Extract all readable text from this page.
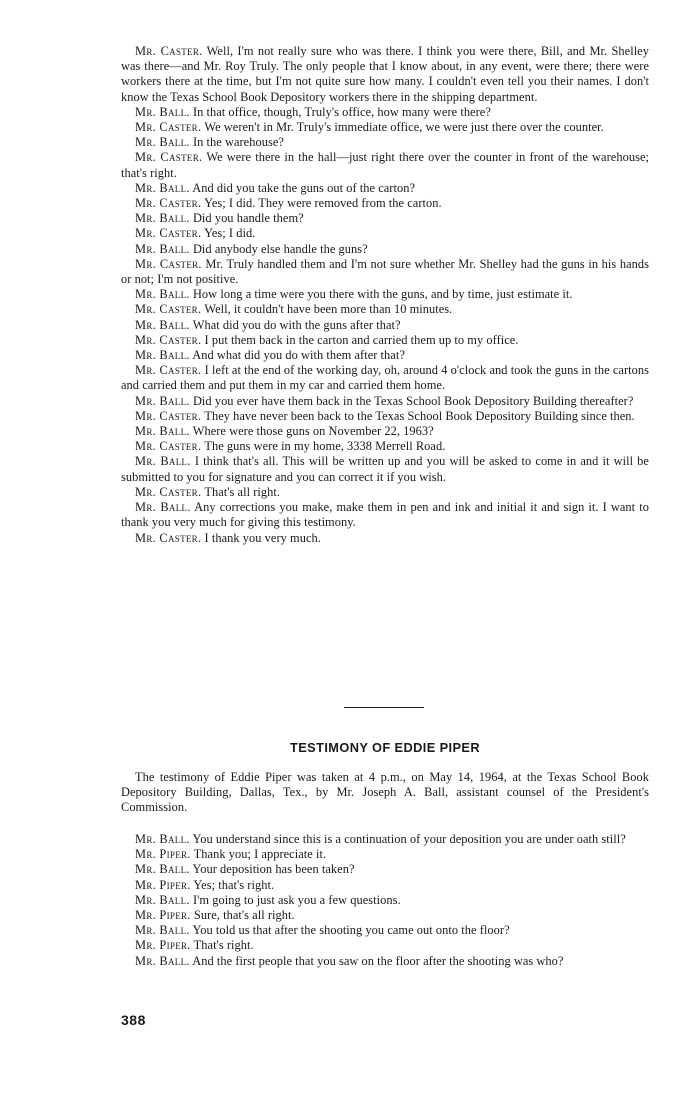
Mr. Caster. Well, I'm not really sure who was there. I think you were there, Bill, and Mr. Shelley was there—and Mr. Roy Truly. The only people that I know about, in any event, were there; there were workers there at the time, but I'm not quite sure how many. I couldn't even tell you their names. I don't know the Texas School Book Depository workers there in the shipping department.

Mr. Ball. In that office, though, Truly's office, how many were there?

Mr. Caster. We weren't in Mr. Truly's immediate office, we were just there over the counter.

Mr. Ball. In the warehouse?

Mr. Caster. We were there in the hall—just right there over the counter in front of the warehouse; that's right.

Mr. Ball. And did you take the guns out of the carton?

Mr. Caster. Yes; I did. They were removed from the carton.

Mr. Ball. Did you handle them?

Mr. Caster. Yes; I did.

Mr. Ball. Did anybody else handle the guns?

Mr. Caster. Mr. Truly handled them and I'm not sure whether Mr. Shelley had the guns in his hands or not; I'm not positive.

Mr. Ball. How long a time were you there with the guns, and by time, just estimate it.

Mr. Caster. Well, it couldn't have been more than 10 minutes.

Mr. Ball. What did you do with the guns after that?

Mr. Caster. I put them back in the carton and carried them up to my office.

Mr. Ball. And what did you do with them after that?

Mr. Caster. I left at the end of the working day, oh, around 4 o'clock and took the guns in the cartons and carried them and put them in my car and carried them home.

Mr. Ball. Did you ever have them back in the Texas School Book Depository Building thereafter?

Mr. Caster. They have never been back to the Texas School Book Depository Building since then.

Mr. Ball. Where were those guns on November 22, 1963?

Mr. Caster. The guns were in my home, 3338 Merrell Road.

Mr. Ball. I think that's all. This will be written up and you will be asked to come in and it will be submitted to you for signature and you can correct it if you wish.

Mr. Caster. That's all right.

Mr. Ball. Any corrections you make, make them in pen and ink and initial it and sign it. I want to thank you very much for giving this testimony.

Mr. Caster. I thank you very much.

TESTIMONY OF EDDIE PIPER

The testimony of Eddie Piper was taken at 4 p.m., on May 14, 1964, at the Texas School Book Depository Building, Dallas, Tex., by Mr. Joseph A. Ball, assistant counsel of the President's Commission.

Mr. Ball. You understand since this is a continuation of your deposition you are under oath still?

Mr. Piper. Thank you; I appreciate it.

Mr. Ball. Your deposition has been taken?

Mr. Piper. Yes; that's right.

Mr. Ball. I'm going to just ask you a few questions.

Mr. Piper. Sure, that's all right.

Mr. Ball. You told us that after the shooting you came out onto the floor?

Mr. Piper. That's right.

Mr. Ball. And the first people that you saw on the floor after the shooting was who?

388
